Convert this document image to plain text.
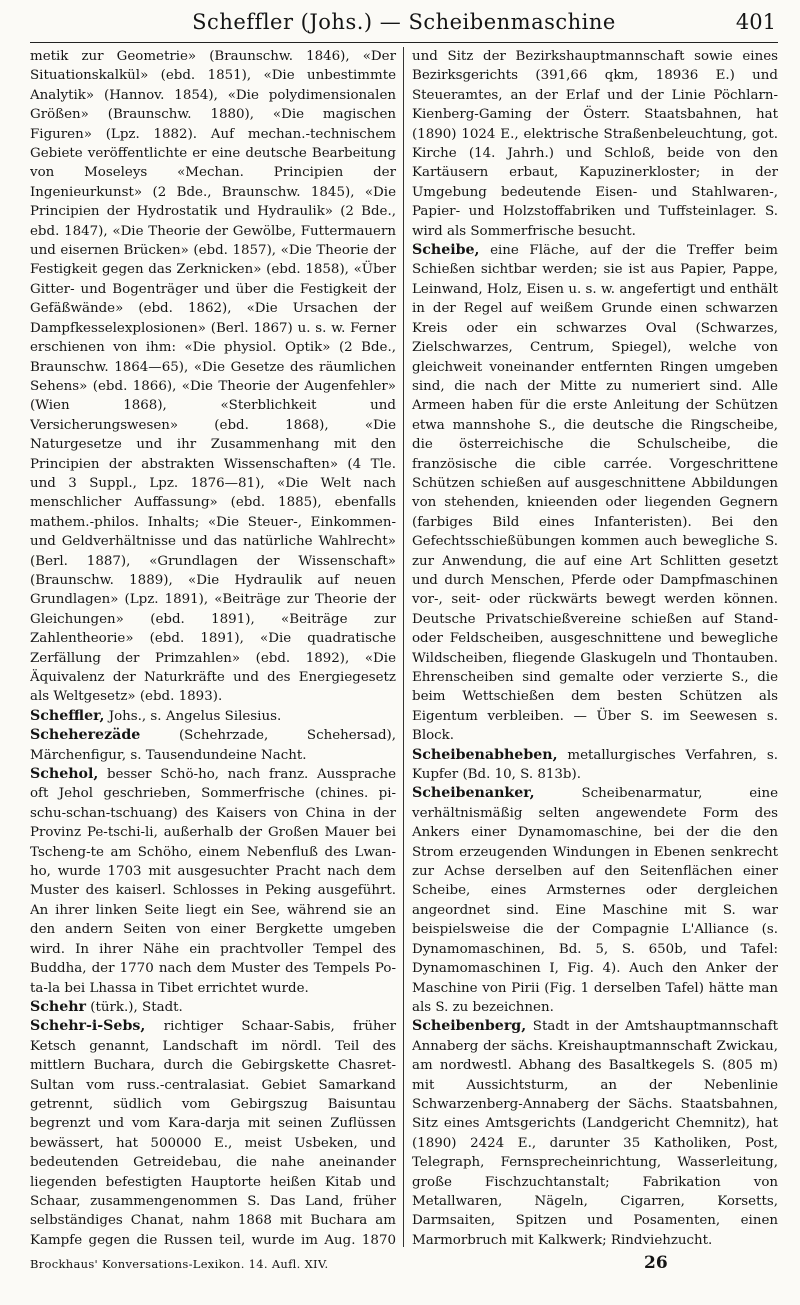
Scheffler (Johs.) — Scheibenmaschine	401

metik zur Geometrie» (Braunschw. 1846), «Der Situationskalkül» (ebd. 1851), «Die unbestimmte Analytik» (Hannov. 1854), «Die polydimensionalen Größen» (Braunschw. 1880), «Die magischen Figuren» (Lpz. 1882). Auf mechan.-technischem Gebiete veröffentlichte er eine deutsche Bearbeitung von Moseleys «Mechan. Principien der Ingenieurkunst» (2 Bde., Braunschw. 1845), «Die Principien der Hydrostatik und Hydraulik» (2 Bde., ebd. 1847), «Die Theorie der Gewölbe, Futtermauern und eisernen Brücken» (ebd. 1857), «Die Theorie der Festigkeit gegen das Zerknicken» (ebd. 1858), «Über Gitter- und Bogenträger und über die Festigkeit der Gefäßwände» (ebd. 1862), «Die Ursachen der Dampfkesselexplosionen» (Berl. 1867) u. s. w. Ferner erschienen von ihm: «Die physiol. Optik» (2 Bde., Braunschw. 1864—65), «Die Gesetze des räumlichen Sehens» (ebd. 1866), «Die Theorie der Augenfehler» (Wien 1868), «Sterblichkeit und Versicherungswesen» (ebd. 1868), «Die Naturgesetze und ihr Zusammenhang mit den Principien der abstrakten Wissenschaften» (4 Tle. und 3 Suppl., Lpz. 1876—81), «Die Welt nach menschlicher Auffassung» (ebd. 1885), ebenfalls mathem.-philos. Inhalts; «Die Steuer-, Einkommen- und Geldverhältnisse und das natürliche Wahlrecht» (Berl. 1887), «Grundlagen der Wissenschaft» (Braunschw. 1889), «Die Hydraulik auf neuen Grundlagen» (Lpz. 1891), «Beiträge zur Theorie der Gleichungen» (ebd. 1891), «Beiträge zur Zahlentheorie» (ebd. 1891), «Die quadratische Zerfällung der Primzahlen» (ebd. 1892), «Die Äquivalenz der Naturkräfte und des Energiegesetz als Weltgesetz» (ebd. 1893).

Scheffler, Johs., s. Angelus Silesius.

Scheherezäde (Schehrzade, Schehersad), Märchenfigur, s. Tausendundeine Nacht.

Schehol, besser Schö-ho, nach franz. Aussprache oft Jehol geschrieben, Sommerfrische (chines. pi-schu-schan-tschuang) des Kaisers von China in der Provinz Pe-tschi-li, außerhalb der Großen Mauer bei Tscheng-te am Schöho, einem Nebenfluß des Lwan-ho, wurde 1703 mit ausgesuchter Pracht nach dem Muster des kaiserl. Schlosses in Peking ausgeführt. An ihrer linken Seite liegt ein See, während sie an den andern Seiten von einer Bergkette umgeben wird. In ihrer Nähe ein prachtvoller Tempel des Buddha, der 1770 nach dem Muster des Tempels Po-ta-la bei Lhassa in Tibet errichtet wurde.

Schehr (türk.), Stadt.

Schehr-i-Sebs, richtiger Schaar-Sabis, früher Ketsch genannt, Landschaft im nördl. Teil des mittlern Buchara, durch die Gebirgskette Chasret-Sultan vom russ.-centralasiat. Gebiet Samarkand getrennt, südlich vom Gebirgszug Baisuntau begrenzt und vom Kara-darja mit seinen Zuflüssen bewässert, hat 500000 E., meist Usbeken, und bedeutenden Getreidebau, die nahe aneinander liegenden befestigten Hauptorte heißen Kitab und Schaar, zusammengenommen S. Das Land, früher selbständiges Chanat, nahm 1868 mit Buchara am Kampfe gegen die Russen teil, wurde im Aug. 1870

und Sitz der Bezirkshauptmannschaft sowie eines Bezirksgerichts (391,66 qkm, 18936 E.) und Steueramtes, an der Erlaf und der Linie Pöchlarn-Kienberg-Gaming der Österr. Staatsbahnen, hat (1890) 1024 E., elektrische Straßenbeleuchtung, got. Kirche (14. Jahrh.) und Schloß, beide von den Kartäusern erbaut, Kapuzinerkloster; in der Umgebung bedeutende Eisen- und Stahlwaren-, Papier- und Holzstoffabriken und Tuffsteinlager. S. wird als Sommerfrische besucht.

Scheibe, eine Fläche, auf der die Treffer beim Schießen sichtbar werden; sie ist aus Papier, Pappe, Leinwand, Holz, Eisen u. s. w. angefertigt und enthält in der Regel auf weißem Grunde einen schwarzen Kreis oder ein schwarzes Oval (Schwarzes, Zielschwarzes, Centrum, Spiegel), welche von gleichweit voneinander entfernten Ringen umgeben sind, die nach der Mitte zu numeriert sind. Alle Armeen haben für die erste Anleitung der Schützen etwa mannshohe S., die deutsche die Ringscheibe, die österreichische die Schulscheibe, die französische die cible carrée. Vorgeschrittene Schützen schießen auf ausgeschnittene Abbildungen von stehenden, knieenden oder liegenden Gegnern (farbiges Bild eines Infanteristen). Bei den Gefechtsschießübungen kommen auch bewegliche S. zur Anwendung, die auf eine Art Schlitten gesetzt und durch Menschen, Pferde oder Dampfmaschinen vor-, seit- oder rückwärts bewegt werden können. Deutsche Privatschießvereine schießen auf Stand- oder Feldscheiben, ausgeschnittene und bewegliche Wildscheiben, fliegende Glaskugeln und Thontauben. Ehrenscheiben sind gemalte oder verzierte S., die beim Wettschießen dem besten Schützen als Eigentum verbleiben. — Über S. im Seewesen s. Block.

Scheibenabheben, metallurgisches Verfahren, s. Kupfer (Bd. 10, S. 813b).

Scheibenanker, Scheibenarmatur, eine verhältnismäßig selten angewendete Form des Ankers einer Dynamomaschine, bei der die den Strom erzeugenden Windungen in Ebenen senkrecht zur Achse derselben auf den Seitenflächen einer Scheibe, eines Armsternes oder dergleichen angeordnet sind. Eine Maschine mit S. war beispielsweise die der Compagnie L'Alliance (s. Dynamomaschinen, Bd. 5, S. 650b, und Tafel: Dynamomaschinen I, Fig. 4). Auch den Anker der Maschine von Pirii (Fig. 1 derselben Tafel) hätte man als S. zu bezeichnen.

Scheibenberg, Stadt in der Amtshauptmannschaft Annaberg der sächs. Kreishauptmannschaft Zwickau, am nordwestl. Abhang des Basaltkegels S. (805 m) mit Aussichtsturm, an der Nebenlinie Schwarzenberg-Annaberg der Sächs. Staatsbahnen, Sitz eines Amtsgerichts (Landgericht Chemnitz), hat (1890) 2424 E., darunter 35 Katholiken, Post, Telegraph, Fernsprecheinrichtung, Wasserleitung, große Fischzuchtanstalt; Fabrikation von Metallwaren, Nägeln, Cigarren, Korsetts, Darmsaiten, Spitzen und Posamenten, einen Marmorbruch mit Kalkwerk; Rindviehzucht.

Brockhaus' Konversations-Lexikon. 14. Aufl. XIV.	26
